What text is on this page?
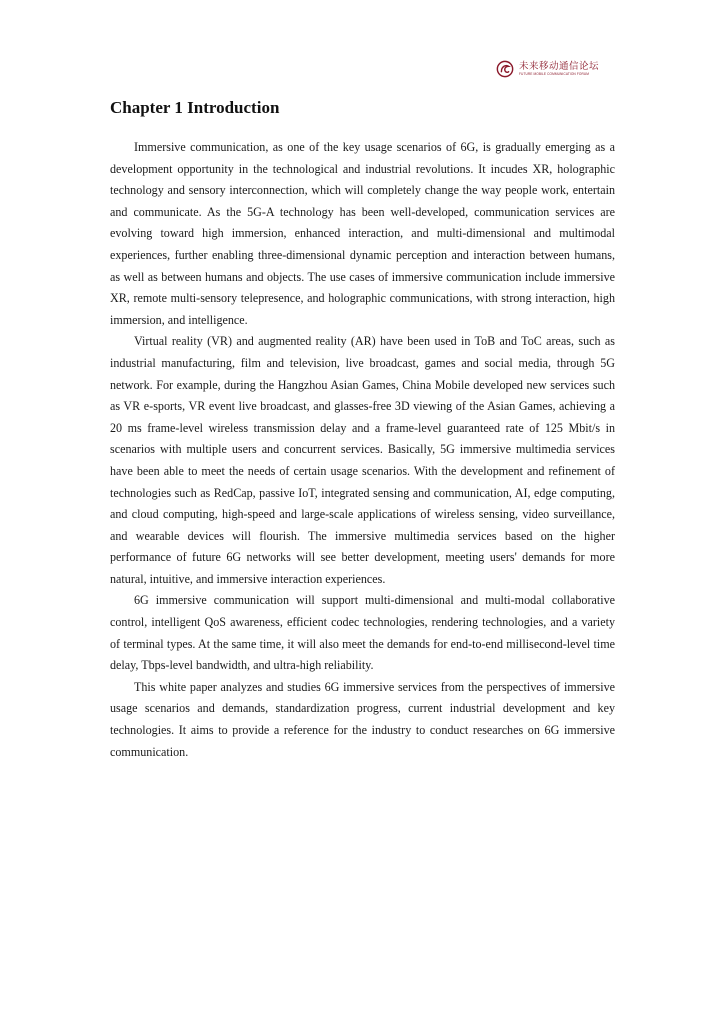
未来移动通信论坛
FUTURE MOBILE COMMUNICATION FORUM
Chapter 1 Introduction

Immersive communication, as one of the key usage scenarios of 6G, is gradually emerging as a development opportunity in the technological and industrial revolutions. It incudes XR, holographic technology and sensory interconnection, which will completely change the way people work, entertain and communicate. As the 5G-A technology has been well-developed, communication services are evolving toward high immersion, enhanced interaction, and multi-dimensional and multimodal experiences, further enabling three-dimensional dynamic perception and interaction between humans, as well as between humans and objects. The use cases of immersive communication include immersive XR, remote multi-sensory telepresence, and holographic communications, with strong interaction, high immersion, and intelligence.

Virtual reality (VR) and augmented reality (AR) have been used in ToB and ToC areas, such as industrial manufacturing, film and television, live broadcast, games and social media, through 5G network. For example, during the Hangzhou Asian Games, China Mobile developed new services such as VR e-sports, VR event live broadcast, and glasses-free 3D viewing of the Asian Games, achieving a 20 ms frame-level wireless transmission delay and a frame-level guaranteed rate of 125 Mbit/s in scenarios with multiple users and concurrent services. Basically, 5G immersive multimedia services have been able to meet the needs of certain usage scenarios. With the development and refinement of technologies such as RedCap, passive IoT, integrated sensing and communication, AI, edge computing, and cloud computing, high-speed and large-scale applications of wireless sensing, video surveillance, and wearable devices will flourish. The immersive multimedia services based on the higher performance of future 6G networks will see better development, meeting users' demands for more natural, intuitive, and immersive interaction experiences.

6G immersive communication will support multi-dimensional and multi-modal collaborative control, intelligent QoS awareness, efficient codec technologies, rendering technologies, and a variety of terminal types. At the same time, it will also meet the demands for end-to-end millisecond-level time delay, Tbps-level bandwidth, and ultra-high reliability.

This white paper analyzes and studies 6G immersive services from the perspectives of immersive usage scenarios and demands, standardization progress, current industrial development and key technologies. It aims to provide a reference for the industry to conduct researches on 6G immersive communication.
